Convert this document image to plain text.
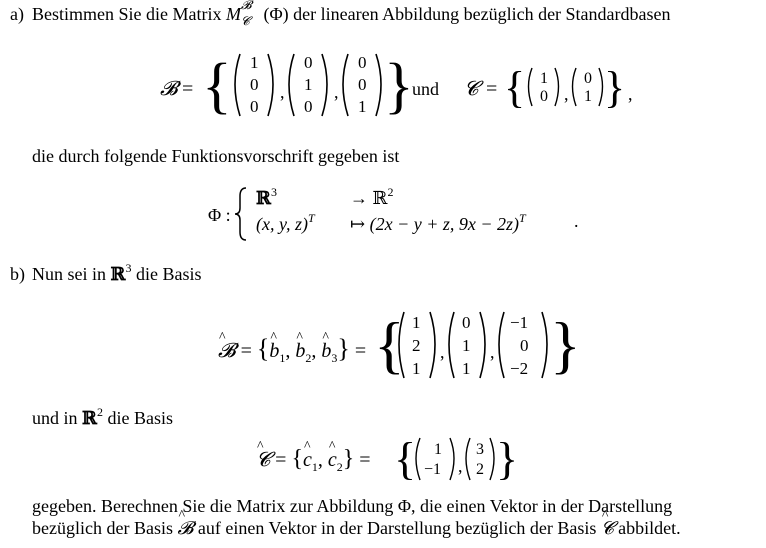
a) Bestimmen Sie die Matrix M 𝓑
𝓒 (Φ) der linearen Abbildung bezüglich der Standardbasen
𝓑 = { 1
0
0
,
0
1
0
,
0
0
1 }
und 𝓒 = { 1
0 ,
0
1 } ,
die durch folgende Funktionsvorschrift gegeben ist
Φ :
ℝ$^3$	→ ℝ$^2$
(x, y, z)$^T$ ↦ (2x − y + z, 9x − 2z)$^T$	.
b) Nun sei in ℝ$^3$ die Basis
^ 𝓑 = {^ $b_1$, ^ $b_2$, ^ $b_3$} = { 1
2
1
,
0
1
1
,
−1
0
−2 }
und in ℝ$^2$ die Basis
^ 𝓒 = {^ $c_1$, ^ $c_2$} = { 1
−1 ,
3
2 }
gegeben. Berechnen Sie die Matrix zur Abbildung Φ, die einen Vektor in der Darstellung
bezüglich der Basis ^ 𝓑 auf einen Vektor in der Darstellung bezüglich der Basis ^ 𝓒 abbildet.
